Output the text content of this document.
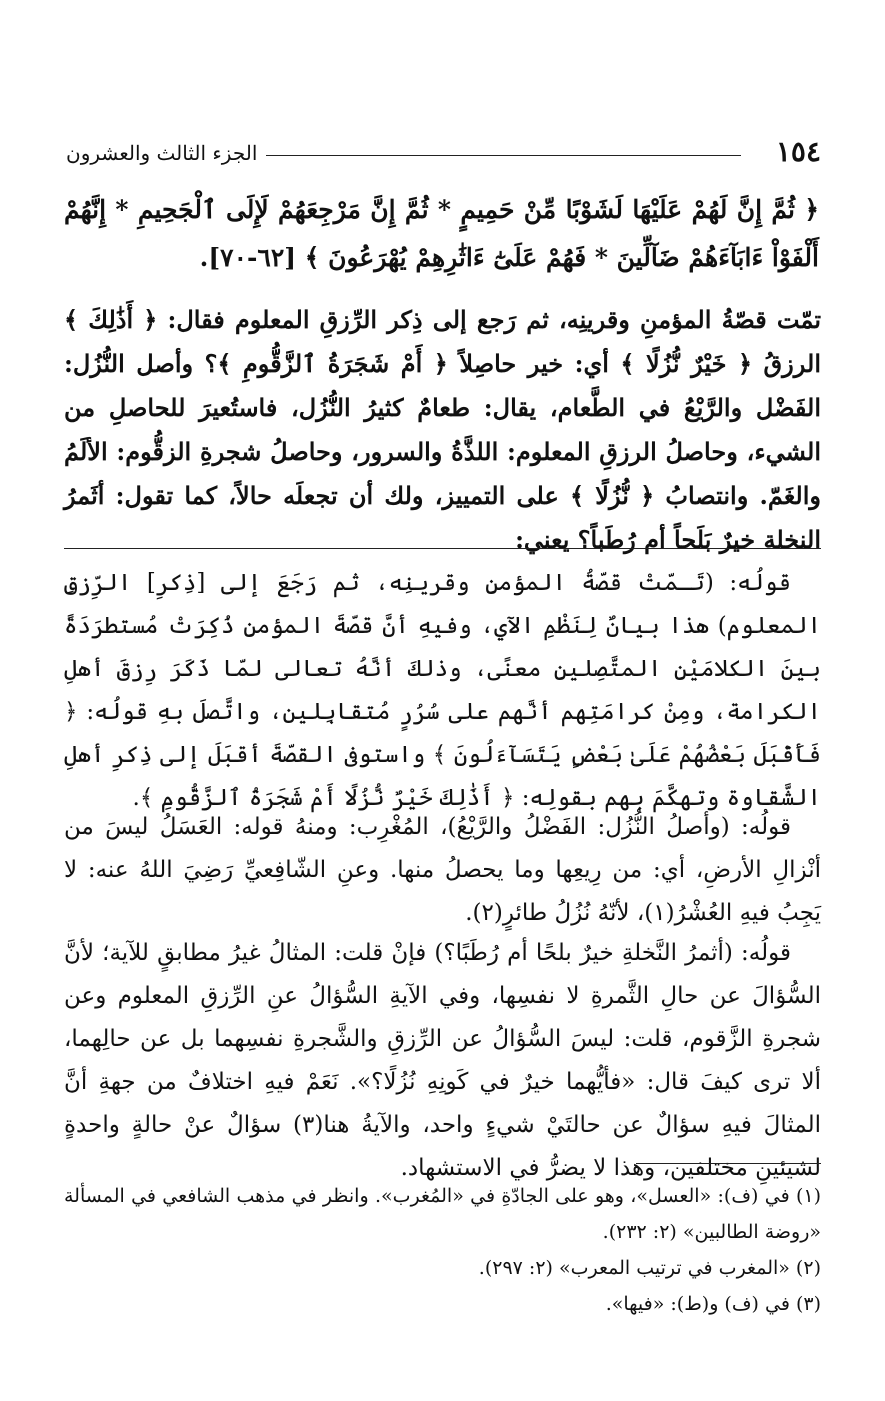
١٥٤
الجزء الثالث والعشرون
﴿ ثُمَّ إِنَّ لَهُمْ عَلَيْهَا لَشَوْبًا مِّنْ حَمِيمٍ * ثُمَّ إِنَّ مَرْجِعَهُمْ لَإِلَى ٱلْجَحِيمِ * إِنَّهُمْ أَلْفَوْاْ ءَابَآءَهُمْ ضَآلِّينَ * فَهُمْ عَلَىٰٓ ءَاثَٰرِهِمْ يُهْرَعُونَ ﴾ [٦٢-٧٠].
تمّت قصّةُ المؤمنِ وقرينِه، ثم رَجع إلى ذِكر الرِّزقِ المعلوم فقال: ﴿ أَذَٰلِكَ ﴾ الرزقُ ﴿ خَيْرٌ نُّزُلًا ﴾ أي: خير حاصِلاً ﴿ أَمْ شَجَرَةُ ٱلزَّقُّومِ ﴾؟ وأصل النُّزُل: الفَضْل والرَّيْعُ في الطَّعام، يقال: طعامٌ كثيرُ النُّزُل، فاستُعيرَ للحاصلِ من الشيء، وحاصلُ الرزقِ المعلوم: اللذَّةُ والسرور، وحاصلُ شجرةِ الزقُّوم: الألَمُ والغَمّ. وانتصابُ ﴿ نُّزُلًا ﴾ على التمييز، ولك أن تجعلَه حالاً، كما تقول: أثَمرُ النخلة خيرٌ بَلَحاً أم رُطَباً؟ يعني:
قولُه: (تَـمّتْ قصّةُ المؤمنِ وقرينِه، ثم رَجَعَ إلى [ذِكرِ] الرِّزقِ المعلوم) هذا بيانٌ لِنَظْمِ الآي، وفيهِ أنَّ قصّةَ المؤمنِ ذُكِرَتْ مُستطرَدَةً بينَ الكلامَيْنِ المتَّصِلينِ معنًى، وذلكَ أنَّهُ تعالى لمّا ذَكَرَ رِزقَ أهلِ الكرامة، ومِنْ كرامَتِهم أنَّهم على سُرُرٍ مُتقابِلين، واتَّصلَ بهِ قولُه: ﴿ فَأَقْبَلَ بَعْضُهُمْ عَلَىٰ بَعْضٍ يَتَسَآءَلُونَ ﴾ واستوفى القصّةَ أقبَلَ إلى ذِكرِ أهلِ الشَّقاوة وتهكَّمَ بهم بقولِه: ﴿ أَذَٰلِكَ خَيْرٌ نُّزُلًا أَمْ شَجَرَةُ ٱلزَّقُّومِ ﴾.
قولُه: (وأصلُ النُّزُل: الفَضْلُ والرَّيْعُ)، المُغْرِب: ومنهُ قوله: العَسَلُ ليسَ من أنْزالِ الأرضِ، أي: من رِيعِها وما يحصلُ منها. وعنِ الشّافِعيِّ رَضِيَ اللهُ عنه: لا يَجِبُ فيهِ العُشْرُ(١)، لأنّهُ نُزُلُ طائرٍ(٢).
قولُه: (أثمرُ النَّخلةِ خيرٌ بلحًا أم رُطَبًا؟) فإنْ قلت: المثالُ غيرُ مطابقٍ للآية؛ لأنَّ السُّؤالَ عن حالِ الثَّمرةِ لا نفسِها، وفي الآيةِ السُّؤالُ عنِ الرِّزقِ المعلوم وعن شجرةِ الزَّقوم، قلت: ليسَ السُّؤالُ عن الرِّزقِ والشَّجرةِ نفسِهما بل عن حالِهما، ألا ترى كيفَ قال: «فأيُّهما خيرٌ في كَونِهِ نُزُلًا؟». نَعَمْ فيهِ اختلافٌ من جهةِ أنَّ المثالَ فيهِ سؤالٌ عن حالتَيْ شيءٍ واحد، والآيةُ هنا(٣) سؤالٌ عنْ حالةٍ واحدةٍ لشيئينِ مختلفين، وهذا لا يضرُّ في الاستشهاد.

(١) في (ف): «العسل»، وهو على الجادّةِ في «المُغرب». وانظر في مذهب الشافعي في المسألة «روضة الطالبين» (٢: ٢٣٢).

(٢) «المغرب في ترتيب المعرب» (٢: ٢٩٧).

(٣) في (ف) و(ط): «فيها».
